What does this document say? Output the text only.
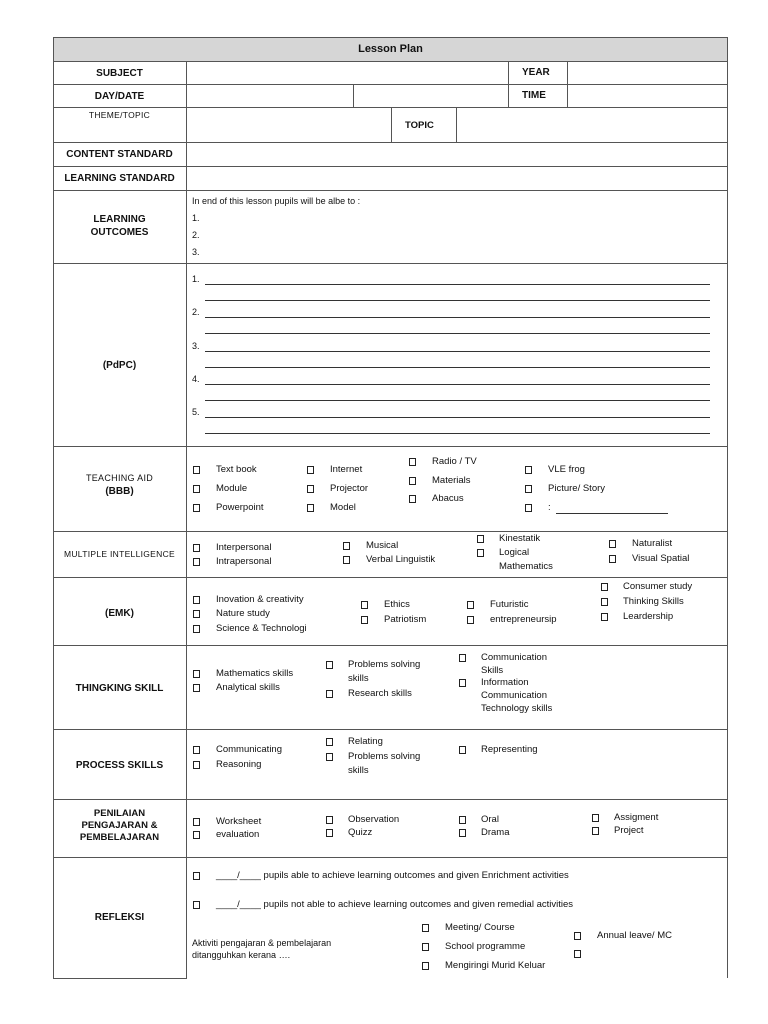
Lesson Plan
SUBJECT	YEAR
DAY/DATE	TIME
THEME/TOPIC
TOPIC
CONTENT STANDARD
LEARNING STANDARD
LEARNING
OUTCOMES
In end of this lesson pupils will be albe to :
1.
2.
3.
(PdPC)
1.
2.
3.
4.
5.
TEACHING AID
(BBB)
Text book
Module
Powerpoint
Internet
Projector
Model
Radio / TV
Materials
Abacus
VLE frog
Picture/ Story
:
MULTIPLE INTELLIGENCE
Interpersonal
Intrapersonal
Musical
Verbal Linguistik
Kinestatik
Logical
Mathematics
Naturalist
Visual Spatial
(EMK)
Inovation & creativity
Nature study
Science & Technologi
Ethics
Patriotism
Futuristic
entrepreneursip
Consumer study
Thinking Skills
Leardership
THINGKING SKILL
Mathematics skills
Analytical skills
Problems solving
skills
Research skills
Communication
Skills
Information
Communication
Technology skills
PROCESS SKILLS
Communicating
Reasoning
Relating
Problems solving
skills
Representing
PENILAIAN
PENGAJARAN &
PEMBELAJARAN
Worksheet
evaluation
Observation
Quizz
Oral
Drama
Assigment
Project
REFLEKSI
____/____ pupils able to achieve learning outcomes and given Enrichment activities
____/____ pupils not able to achieve learning outcomes and given remedial activities
Aktiviti pengajaran & pembelajaran
ditangguhkan kerana ….
Meeting/ Course
School programme
Mengiringi Murid Keluar
Annual leave/ MC
